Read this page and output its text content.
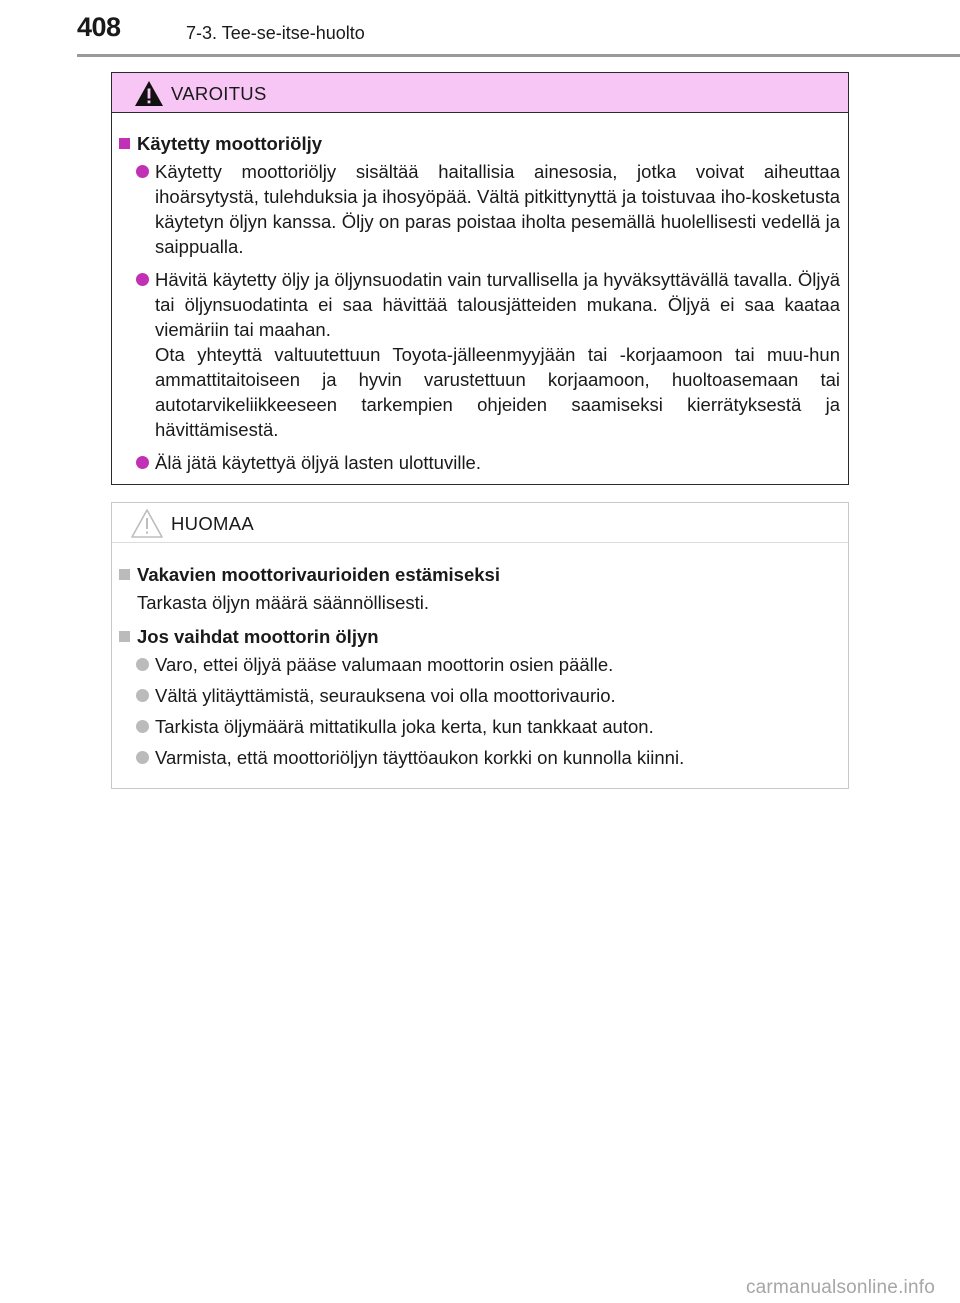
408	7-3. Tee-se-itse-huolto
VAROITUS
Käytetty moottoriöljy
Käytetty moottoriöljy sisältää haitallisia ainesosia, jotka voivat aiheuttaa ihoärsytystä, tulehduksia ja ihosyöpää. Vältä pitkittynyttä ja toistuvaa iho-kosketusta käytetyn öljyn kanssa. Öljy on paras poistaa iholta pesemällä huolellisesti vedellä ja saippualla.
Hävitä käytetty öljy ja öljynsuodatin vain turvallisella ja hyväksyttävällä tavalla. Öljyä tai öljynsuodatinta ei saa hävittää talousjätteiden mukana. Öljyä ei saa kaataa viemäriin tai maahan.
Ota yhteyttä valtuutettuun Toyota-jälleenmyyjään tai -korjaamoon tai muu-hun ammattitaitoiseen ja hyvin varustettuun korjaamoon, huoltoasemaan tai autotarvikeliikkeeseen tarkempien ohjeiden saamiseksi kierrätyksestä ja hävittämisestä.
Älä jätä käytettyä öljyä lasten ulottuville.
HUOMAA
Vakavien moottorivaurioiden estämiseksi
Tarkasta öljyn määrä säännöllisesti.
Jos vaihdat moottorin öljyn
Varo, ettei öljyä pääse valumaan moottorin osien päälle.
Vältä ylitäyttämistä, seurauksena voi olla moottorivaurio.
Tarkista öljymäärä mittatikulla joka kerta, kun tankkaat auton.
Varmista, että moottoriöljyn täyttöaukon korkki on kunnolla kiinni.
carmanualsonline.info
